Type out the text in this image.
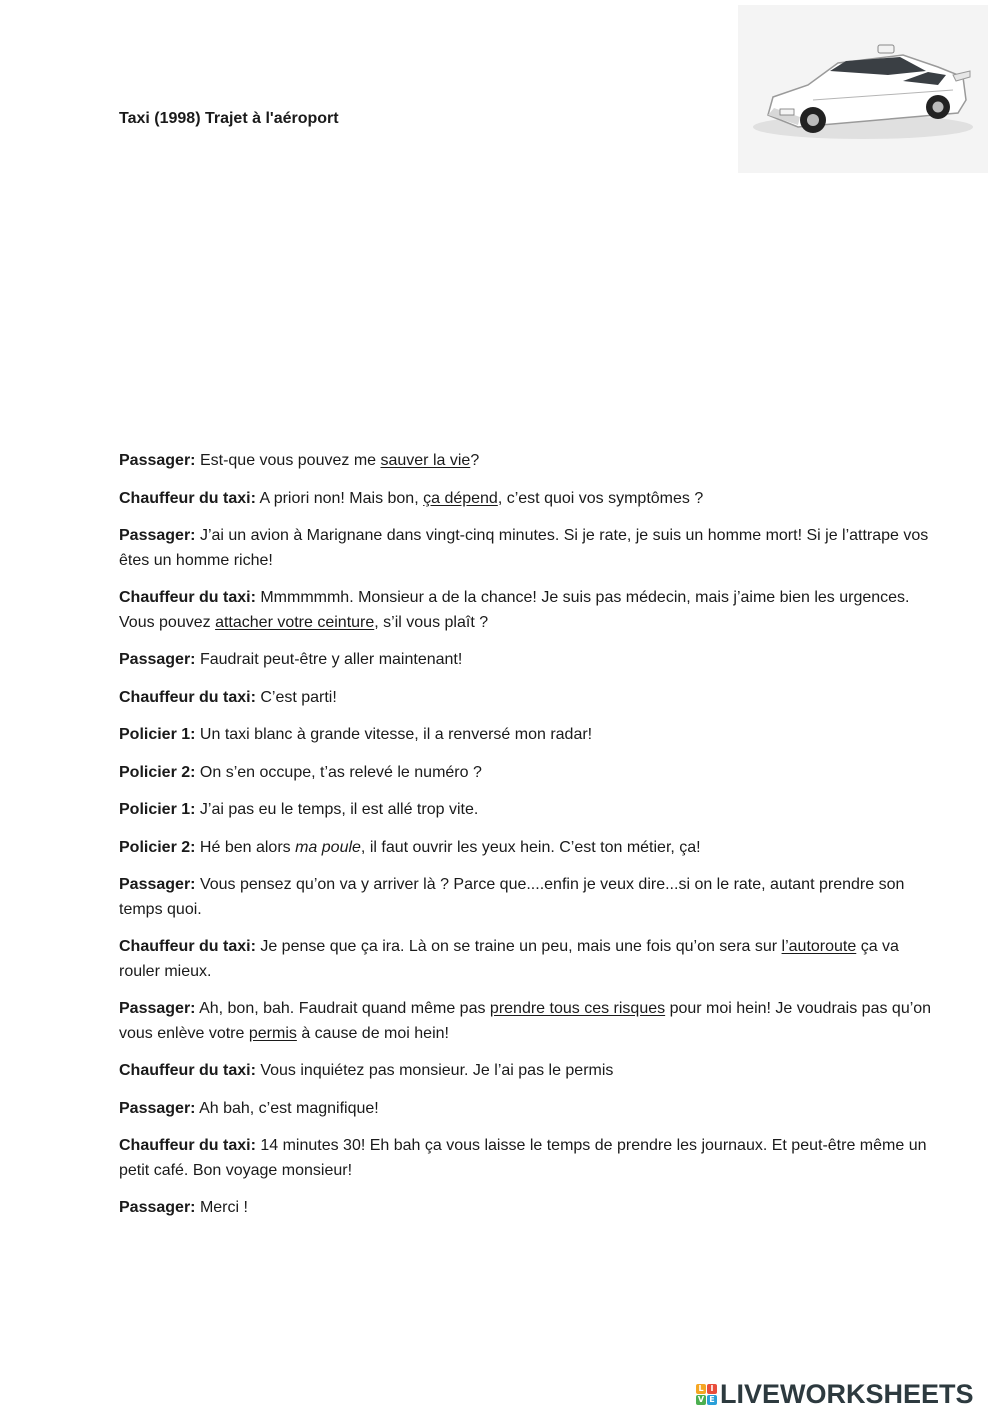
Taxi (1998) Trajet à l'aéroport

Passager: Est-que vous pouvez me sauver la vie?

Chauffeur du taxi: A priori non! Mais bon, ça dépend, c’est quoi vos symptômes ?

Passager: J’ai un avion à Marignane dans vingt-cinq minutes. Si je rate, je suis un homme mort! Si je l’attrape vos êtes un homme riche!

Chauffeur du taxi: Mmmmmmh. Monsieur a de la chance! Je suis pas médecin, mais j’aime bien les urgences. Vous pouvez attacher votre ceinture, s’il vous plaît ?

Passager: Faudrait peut-être y aller maintenant!

Chauffeur du taxi: C’est parti!

Policier 1: Un taxi blanc à grande vitesse, il a renversé mon radar!

Policier 2: On s’en occupe, t’as relevé le numéro ?

Policier 1: J’ai pas eu le temps, il est allé trop vite.

Policier 2: Hé ben alors ma poule, il faut ouvrir les yeux hein. C’est ton métier, ça!

Passager: Vous pensez qu’on va y arriver là ? Parce que....enfin je veux dire...si on le rate, autant prendre son temps quoi.

Chauffeur du taxi: Je pense que ça ira. Là on se traine un peu, mais une fois qu’on sera sur l’autoroute ça va rouler mieux.

Passager: Ah, bon, bah. Faudrait quand même pas prendre tous ces risques pour moi hein! Je voudrais pas qu’on vous enlève votre permis à cause de moi hein!

Chauffeur du taxi: Vous inquiétez pas monsieur. Je l’ai pas le permis

Passager: Ah bah, c’est magnifique!

Chauffeur du taxi: 14 minutes 30! Eh bah ça vous laisse le temps de prendre les journaux. Et peut-être même un petit café. Bon voyage monsieur!

Passager: Merci !

L I
V E LIVEWORKSHEETS
